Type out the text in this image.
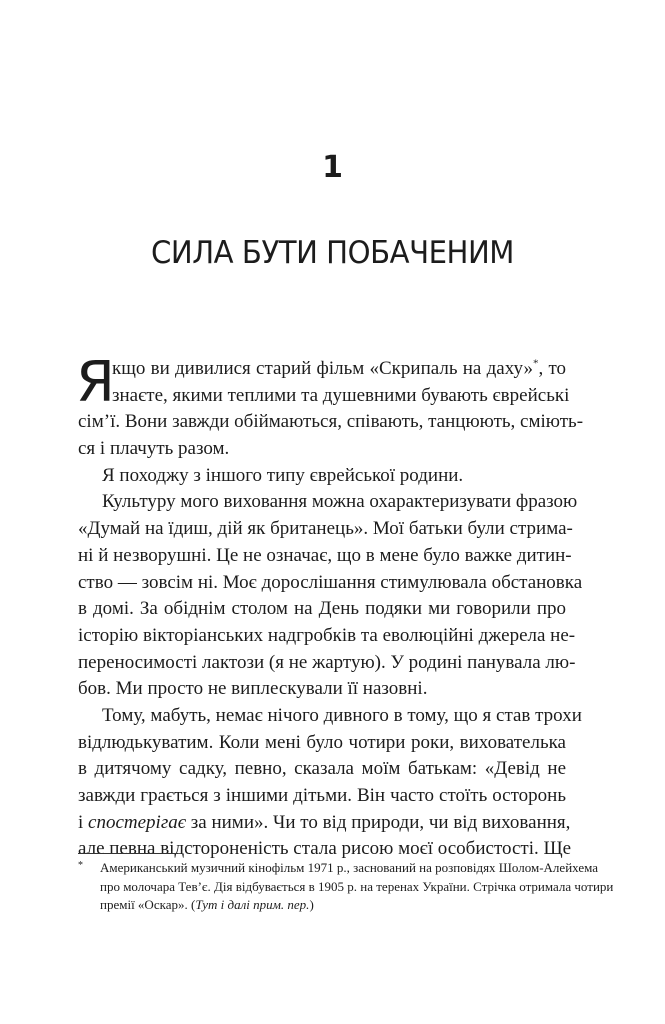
1
СИЛА БУТИ ПОБАЧЕНИМ
Я
кщо ви дивилися старий фільм «Скрипаль на даху»*, то
знаєте, якими теплими та душевними бувають єврейські
сім’ї. Вони завжди обіймаються, співають, танцюють, сміють-
ся і плачуть разом.
Я походжу з іншого типу єврейської родини.
Культуру мого виховання можна охарактеризувати фразою
«Думай на їдиш, дій як британець». Мої батьки були стрима-
ні й незворушні. Це не означає, що в мене було важке дитин-
ство — зовсім ні. Моє дорослішання стимулювала обстановка
в домі. За обіднім столом на День подяки ми говорили про
історію вікторіанських надгробків та еволюційні джерела не-
переносимості лактози (я не жартую). У родині панувала лю-
бов. Ми просто не виплескували її назовні.
Тому, мабуть, немає нічого дивного в тому, що я став трохи
відлюдькуватим. Коли мені було чотири роки, вихователька
в дитячому садку, певно, сказала моїм батькам: «Девід не
завжди грається з іншими дітьми. Він часто стоїть осторонь
і спостерігає за ними». Чи то від природи, чи від виховання,
але певна відстороненість стала рисою моєї особистості. Ще
*	Американський музичний кінофільм 1971 р., заснований на розповідях Шолом-Алейхема
про молочара Тев’є. Дія відбувається в 1905 р. на теренах України. Стрічка отримала чотири
премії «Оскар». (Тут і далі прим. пер.)
